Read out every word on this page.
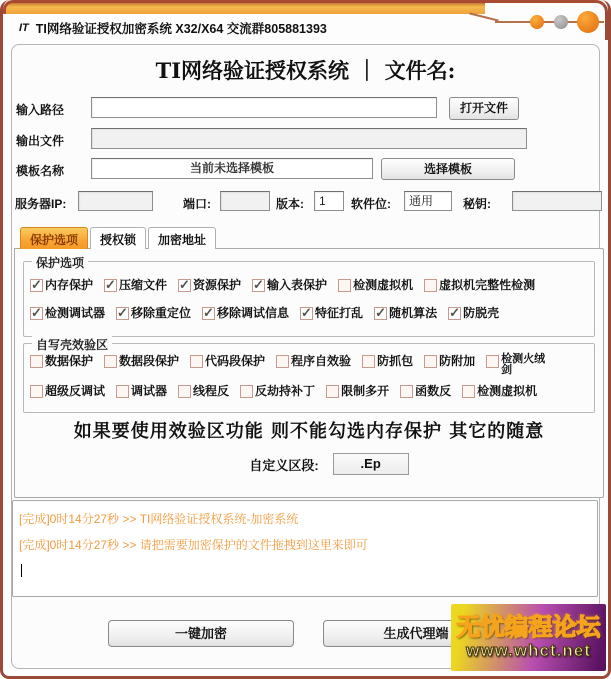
IT TI网络验证授权加密系统 X32/X64 交流群805881393
TI网络验证授权系统 ｜ 文件名:
输入路径	打开文件
输出文件
模板名称	当前未选择模板	选择模板
服务器IP:	端口:	版本:	1	软件位:	通用	秘钥:
保护选项	授权锁	加密地址
保护选项
✓
内存保护 ✓ 压缩文件 ✓ 资源保护 ✓ 输入表保护 检测虚拟机 虚拟机完整性检测
✓
检测调试器 ✓ 移除重定位 ✓ 移除调试信息 ✓ 特征打乱 ✓ 随机算法 ✓ 防脱壳
自写壳效验区
数据保护 数据段保护 代码段保护 程序自效验 防抓包 防附加 检测火绒剑
超级反调试 调试器 线程反 反劫持补丁 限制多开 函数反 检测虚拟机
如果要使用效验区功能 则不能勾选内存保护 其它的随意
自定义区段:	.Ep
[完成]0时14分27秒 >> TI网络验证授权系统-加密系统
[完成]0时14分27秒 >> 请把需要加密保护的文件拖拽到这里来即可
一键加密	生成代理端 无忧编程论坛
www.whct.net
